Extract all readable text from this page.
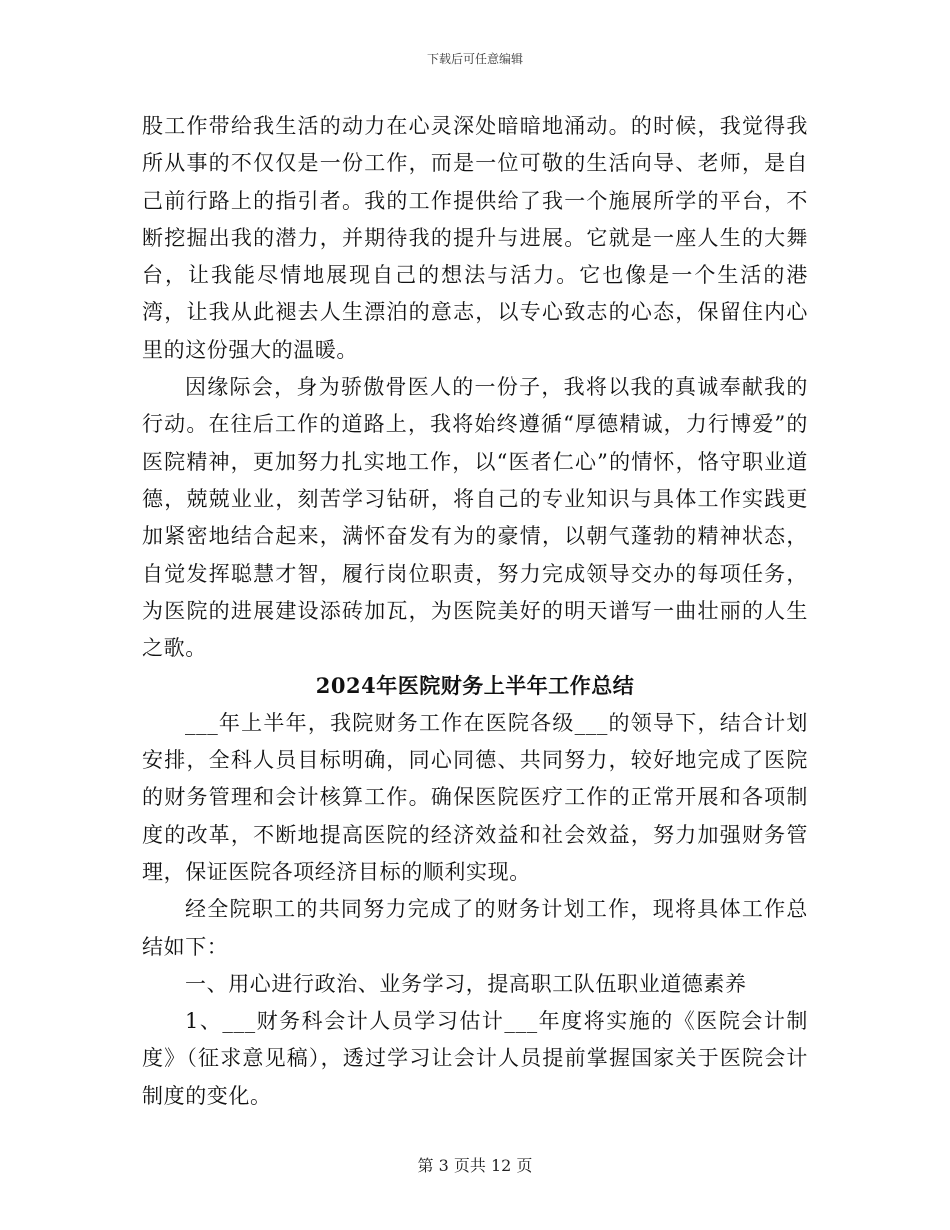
下载后可任意编辑

股工作带给我生活的动力在心灵深处暗暗地涌动。的时候，我觉得我所从事的不仅仅是一份工作，而是一位可敬的生活向导、老师，是自己前行路上的指引者。我的工作提供给了我一个施展所学的平台，不断挖掘出我的潜力，并期待我的提升与进展。它就是一座人生的大舞台，让我能尽情地展现自己的想法与活力。它也像是一个生活的港湾，让我从此褪去人生漂泊的意志，以专心致志的心态，保留住内心里的这份强大的温暖。

因缘际会，身为骄傲骨医人的一份子，我将以我的真诚奉献我的行动。在往后工作的道路上，我将始终遵循“厚德精诚，力行博爱”的医院精神，更加努力扎实地工作，以“医者仁心”的情怀，恪守职业道德，兢兢业业，刻苦学习钻研，将自己的专业知识与具体工作实践更加紧密地结合起来，满怀奋发有为的豪情，以朝气蓬勃的精神状态，自觉发挥聪慧才智，履行岗位职责，努力完成领导交办的每项任务，为医院的进展建设添砖加瓦，为医院美好的明天谱写一曲壮丽的人生之歌。

2024年医院财务上半年工作总结

___年上半年，我院财务工作在医院各级___的领导下，结合计划安排，全科人员目标明确，同心同德、共同努力，较好地完成了医院的财务管理和会计核算工作。确保医院医疗工作的正常开展和各项制度的改革，不断地提高医院的经济效益和社会效益，努力加强财务管理，保证医院各项经济目标的顺利实现。

经全院职工的共同努力完成了的财务计划工作，现将具体工作总结如下：

一、用心进行政治、业务学习，提高职工队伍职业道德素养

1、___财务科会计人员学习估计___年度将实施的《医院会计制度》（征求意见稿），透过学习让会计人员提前掌握国家关于医院会计制度的变化。

第 3 页共 12 页
